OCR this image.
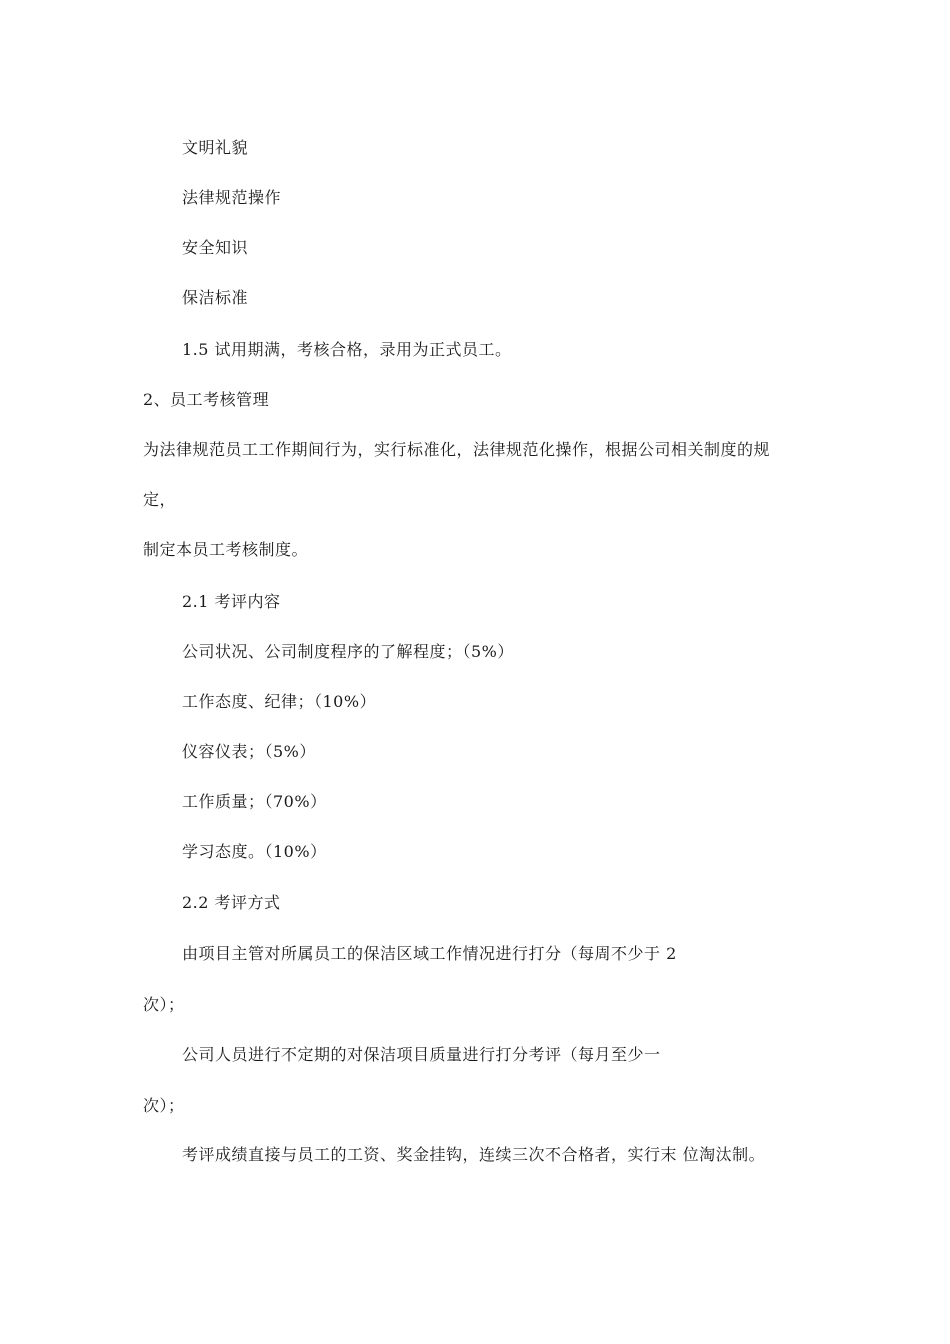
文明礼貌
法律规范操作
安全知识
保洁标准
1.5 试用期满，考核合格，录用为正式员工。
2、员工考核管理
为法律规范员工工作期间行为，实行标准化，法律规范化操作，根据公司相关制度的规
定，
制定本员工考核制度。
2.1 考评内容
公司状况、公司制度程序的了解程度；（5%）
工作态度、纪律；（10%）
仪容仪表；（5%）
工作质量；（70%）
学习态度。（10%）
2.2 考评方式
由项目主管对所属员工的保洁区域工作情况进行打分（每周不少于 2
次）；
公司人员进行不定期的对保洁项目质量进行打分考评（每月至少一
次）；
考评成绩直接与员工的工资、奖金挂钩，连续三次不合格者，实行末 位淘汰制。
